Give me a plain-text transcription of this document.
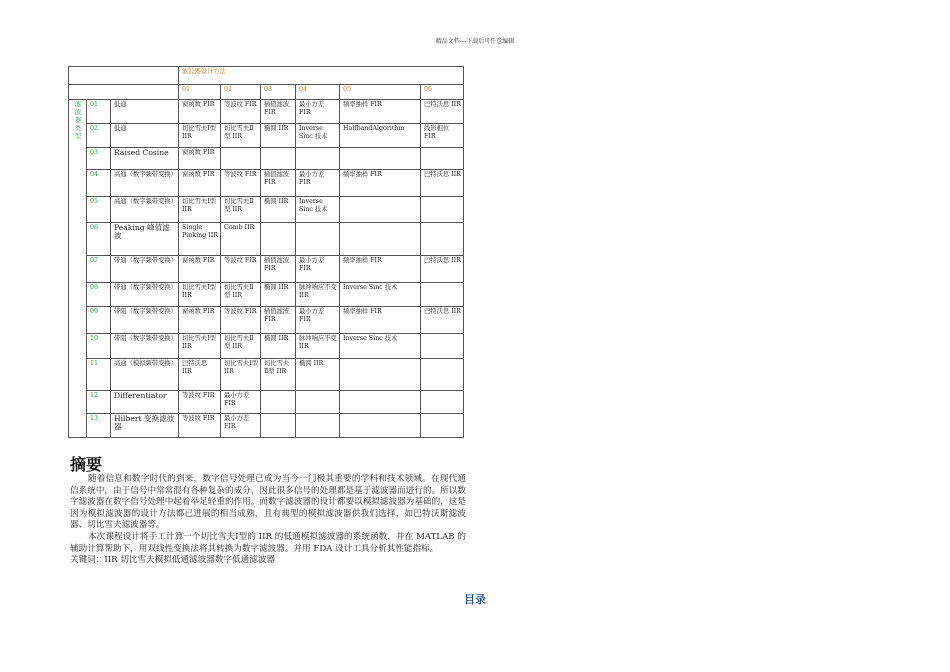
精品文档---下载后可任意编辑
			滤波器设计方法					
			01	02	03	04	05	06
滤
波
器
类
型	01	低通	窗函数 FIR	等波纹 FIR	插值滤波 FIR	最小方差 FIR	频率抽样 FIR	巴特沃思 IIR
	02	低通	切比雪夫Ⅰ型 IIR	切比雪夫Ⅱ型 IIR	椭圆 IIR	Inverse Sinc 技术	HalfbandAlgorithm	线形相位 FIR
	03	Raised Cosine	窗函数 FIR					
	04	高通（数字频带变换）	窗函数 FIR	等波纹 FIR	插值滤波 FIR	最小方差 FIR	频率抽样 FIR	巴特沃思 IIR
	05	高通（数字频带变换）	切比雪夫Ⅰ型 IIR	切比雪夫Ⅱ型 IIR	椭圆 IIR	Inverse Sinc 技术		
	06	Peaking 峰值滤波	Single Pinking IIR	Comb IIR				
	07	带通（数字频带变换）	窗函数 FIR	等波纹 FIR	插值滤波 FIR	最小方差 FIR	频率抽样 FIR	巴特沃思 IIR
	08	带通（数字频带变换）	切比雪夫Ⅰ型 IIR	切比雪夫Ⅱ型 IIR	椭圆 IIR	脉冲响应不变 IIR	Inverse Sinc 技术	
	09	带阻（数字频带变换）	窗函数 FIR	等波纹 FIR	插值滤波 FIR	最小方差 FIR	频率抽样 FIR	巴特沃思 IIR
	10	带阻（数字频带变换）	切比雪夫Ⅰ型 IIR	切比雪夫Ⅱ型 IIR	椭圆 IIR	脉冲响应不变 IIR	Inverse Sinc 技术	
	11	高通（模拟频带变换）	巴特沃思 IIR	切比雪夫Ⅰ型 IIR	切比雪夫Ⅱ型 IIR	椭圆 IIR		
	12	Differentiator	等波纹 FIR	最小方差 FIR				
	13	Hilbert 变换滤波器	等波纹 FIR	最小方差 FIR				
摘要

随着信息和数字时代的到来，数字信号处理已成为当今一门极其重要的学科和技术领域。在现代通信系统中，由于信号中常常混有各种复杂的成分，因此很多信号的处理都是基于滤波器而进行的。所以数字滤波器在数字信号处理中起着举足轻重的作用。而数字滤波器的设计都要以模拟滤波器为基础的，这是因为模拟滤波器的设计方法都已进展的相当成熟，且有典型的模拟滤波器供我们选择，如巴特沃斯滤波器、切比雪夫滤波器等。

本次课程设计将手工计算一个切比雪夫Ⅰ型的 IIR 的低通模拟滤波器的系统函数，并在 MATLAB 的辅助计算帮助下，用双线性变换法将其转换为数字滤波器。并用 FDA 设计工具分析其性能指标。

关键词：IIR 切比雪夫模拟低通滤波器数字低通滤波器

目录
